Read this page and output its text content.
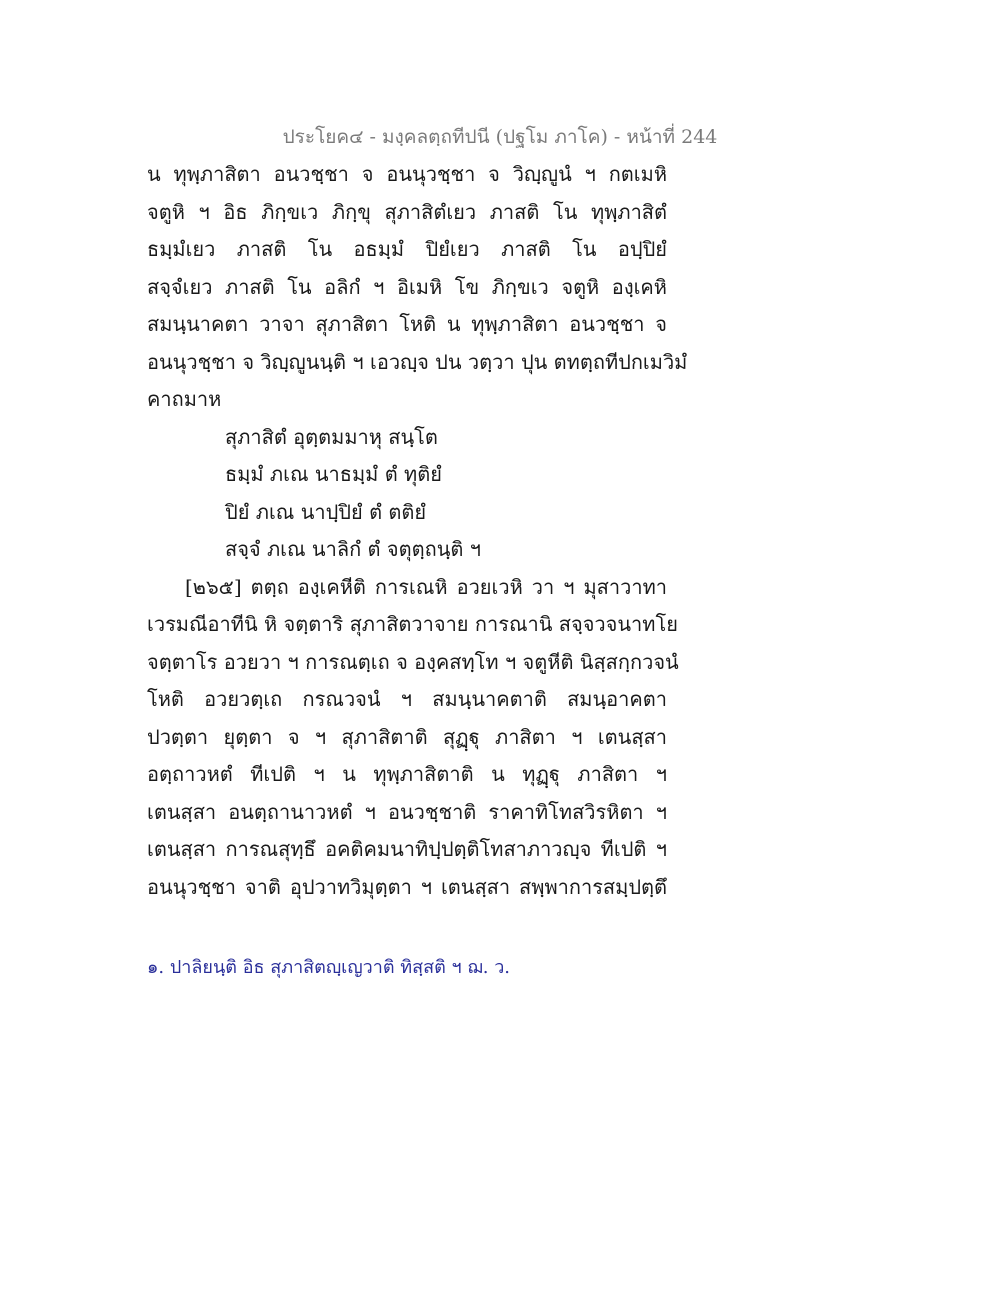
ประโยค๔ - มงฺคลตฺถทีปนี (ปฐโม ภาโค) - หน้าที่ 244
น ทุพฺภาสิตา อนวชฺชา จ อนนุวชฺชา จ วิญฺญูนํ ฯ กตเมหิ
จตูหิ ฯ อิธ ภิกฺขเว ภิกฺขุ สุภาสิตํเยว ภาสติ โน ทุพฺภาสิตํ
ธมฺมํเยว ภาสติ โน อธมฺมํ ปิยํเยว ภาสติ โน อปฺปิยํ
สจฺจํเยว ภาสติ โน อลิกํ ฯ อิเมหิ โข ภิกฺขเว จตูหิ องฺเคหิ
สมนฺนาคตา วาจา สุภาสิตา โหติ น ทุพฺภาสิตา อนวชฺชา จ
อนนุวชฺชา จ วิญฺญูนนฺติ ฯ เอวญฺจ ปน วตฺวา ปุน ตทตฺถทีปกเมวิมํ
คาถมาห
สุภาสิตํ อุตฺตมมาหุ สนฺโต
ธมฺมํ ภเณ นาธมฺมํ ตํ ทุติยํ
ปิยํ ภเณ นาปฺปิยํ ตํ ตติยํ
สจฺจํ ภเณ นาลิกํ ตํ จตุตฺถนฺติ ฯ
[๒๖๕] ตตฺถ องฺเคหีติ การเณหิ อวยเวหิ วา ฯ มุสาวาทา
เวรมณีอาทีนิ หิ จตฺตาริ สุภาสิตวาจาย การณานิ สจฺจวจนาทโย
จตฺตาโร อวยวา ฯ การณตฺเถ จ องฺคสทฺโท ฯ จตูหีติ นิสฺสกฺกวจนํ
โหติ อวยวตฺเถ กรณวจนํ ฯ สมนฺนาคตาติ สมนฺอาคตา
ปวตฺตา ยุตฺตา จ ฯ สุภาสิตาติ สุฏฺฐุ ภาสิตา ฯ เตนสฺสา
อตฺถาวหตํ ทีเปติ ฯ น ทุพฺภาสิตาติ น ทุฏฺฐุ ภาสิตา ฯ
เตนสฺสา อนตฺถานาวหตํ ฯ อนวชฺชาติ ราคาทิโทสวิรหิตา ฯ
เตนสฺสา การณสุทฺธึ อคติคมนาทิปฺปตฺติโทสาภาวญฺจ ทีเปติ ฯ
อนนุวชฺชา จาติ อุปวาทวิมุตฺตา ฯ เตนสฺสา สพฺพาการสมฺปตฺตึ
๑. ปาลิยนฺติ อิธ สุภาสิตญฺเญวาติ ทิสฺสติ ฯ ฌ. ว.
